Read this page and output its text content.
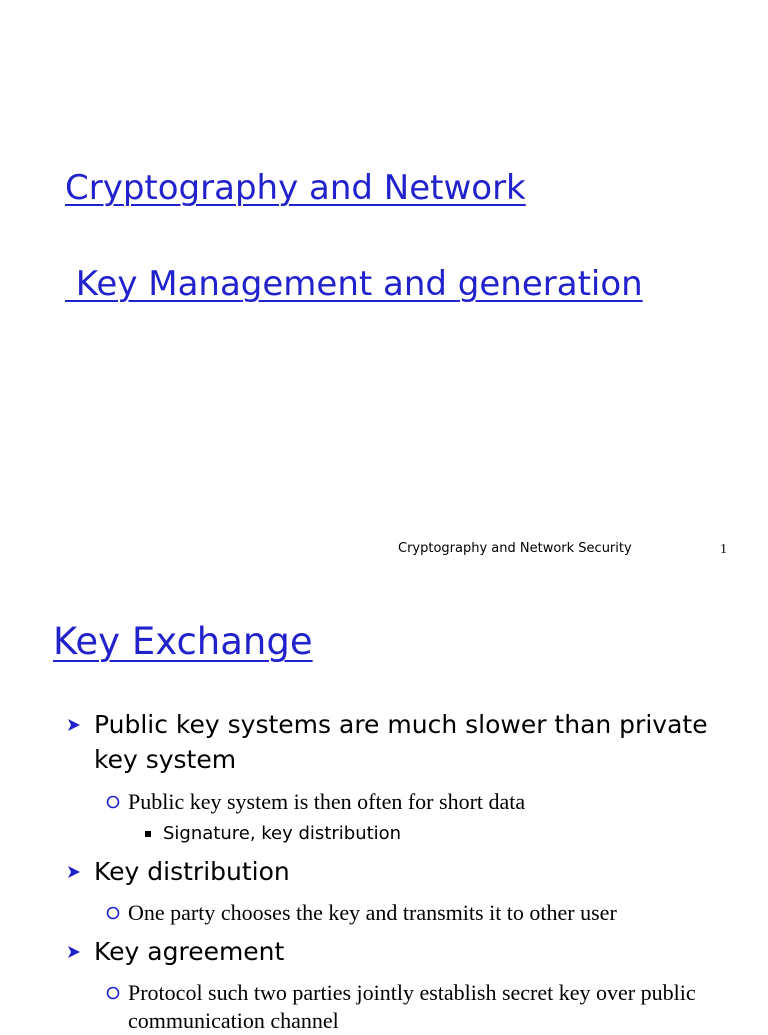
Cryptography and Network
Key Management and generation
Cryptography and Network Security	1
Key Exchange
Public key systems are much slower than private key system
Public key system is then often for short data
Signature, key distribution
Key distribution
One party chooses the key and transmits it to other user
Key agreement
Protocol such two parties jointly establish secret key over public communication channel
